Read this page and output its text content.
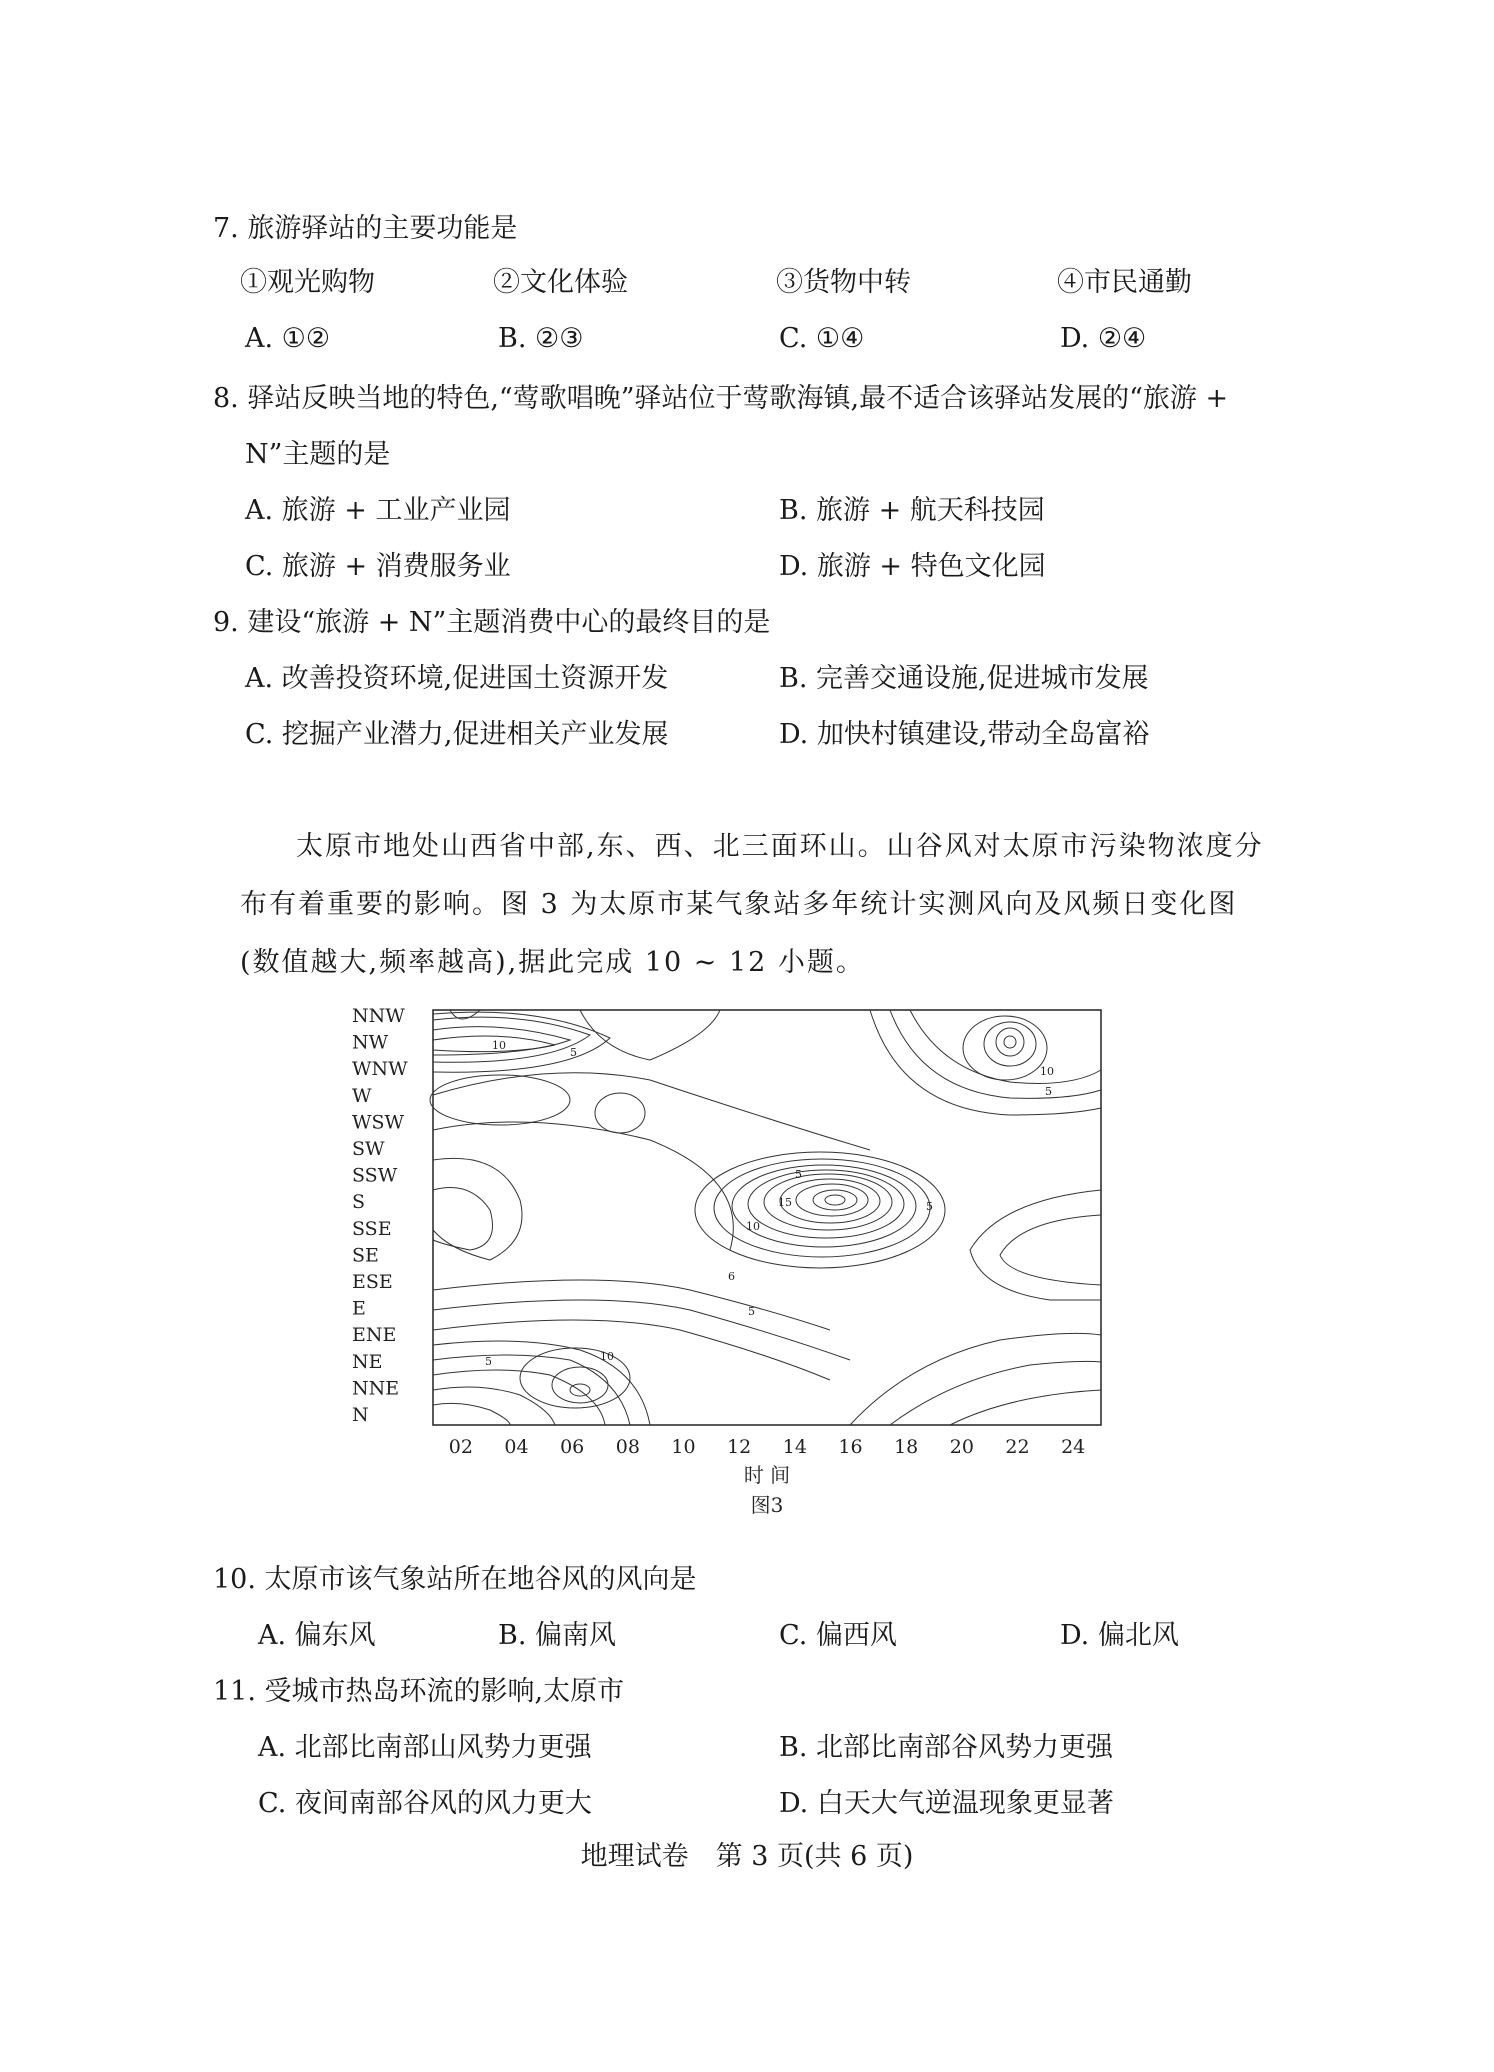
7. 旅游驿站的主要功能是
①观光购物	②文化体验	③货物中转	④市民通勤
A. ①②	B. ②③	C. ①④	D. ②④
8. 驿站反映当地的特色,“莺歌唱晚”驿站位于莺歌海镇,最不适合该驿站发展的“旅游 +
N”主题的是
A. 旅游 + 工业产业园	B. 旅游 + 航天科技园
C. 旅游 + 消费服务业	D. 旅游 + 特色文化园
9. 建设“旅游 + N”主题消费中心的最终目的是
A. 改善投资环境,促进国土资源开发	B. 完善交通设施,促进城市发展
C. 挖掘产业潜力,促进相关产业发展	D. 加快村镇建设,带动全岛富裕
太原市地处山西省中部,东、西、北三面环山。山谷风对太原市污染物浓度分布有着重要的影响。图 3 为太原市某气象站多年统计实测风向及风频日变化图(数值越大,频率越高),据此完成 10 ~ 12 小题。
10
5
10
5
5
15
10
5
6
5
5	10
NNW
NW
WNW
W
WSW
SW
SSW
S
SSE
SE
ESE
E
ENE
NE
NNE
N
02 04 06 08 10 12 14 16 18 20 22 24
时 间
图3
10. 太原市该气象站所在地谷风的风向是
A. 偏东风	B. 偏南风	C. 偏西风	D. 偏北风
11. 受城市热岛环流的影响,太原市
A. 北部比南部山风势力更强	B. 北部比南部谷风势力更强
C. 夜间南部谷风的风力更大	D. 白天大气逆温现象更显著
地理试卷　第 3 页(共 6 页)
